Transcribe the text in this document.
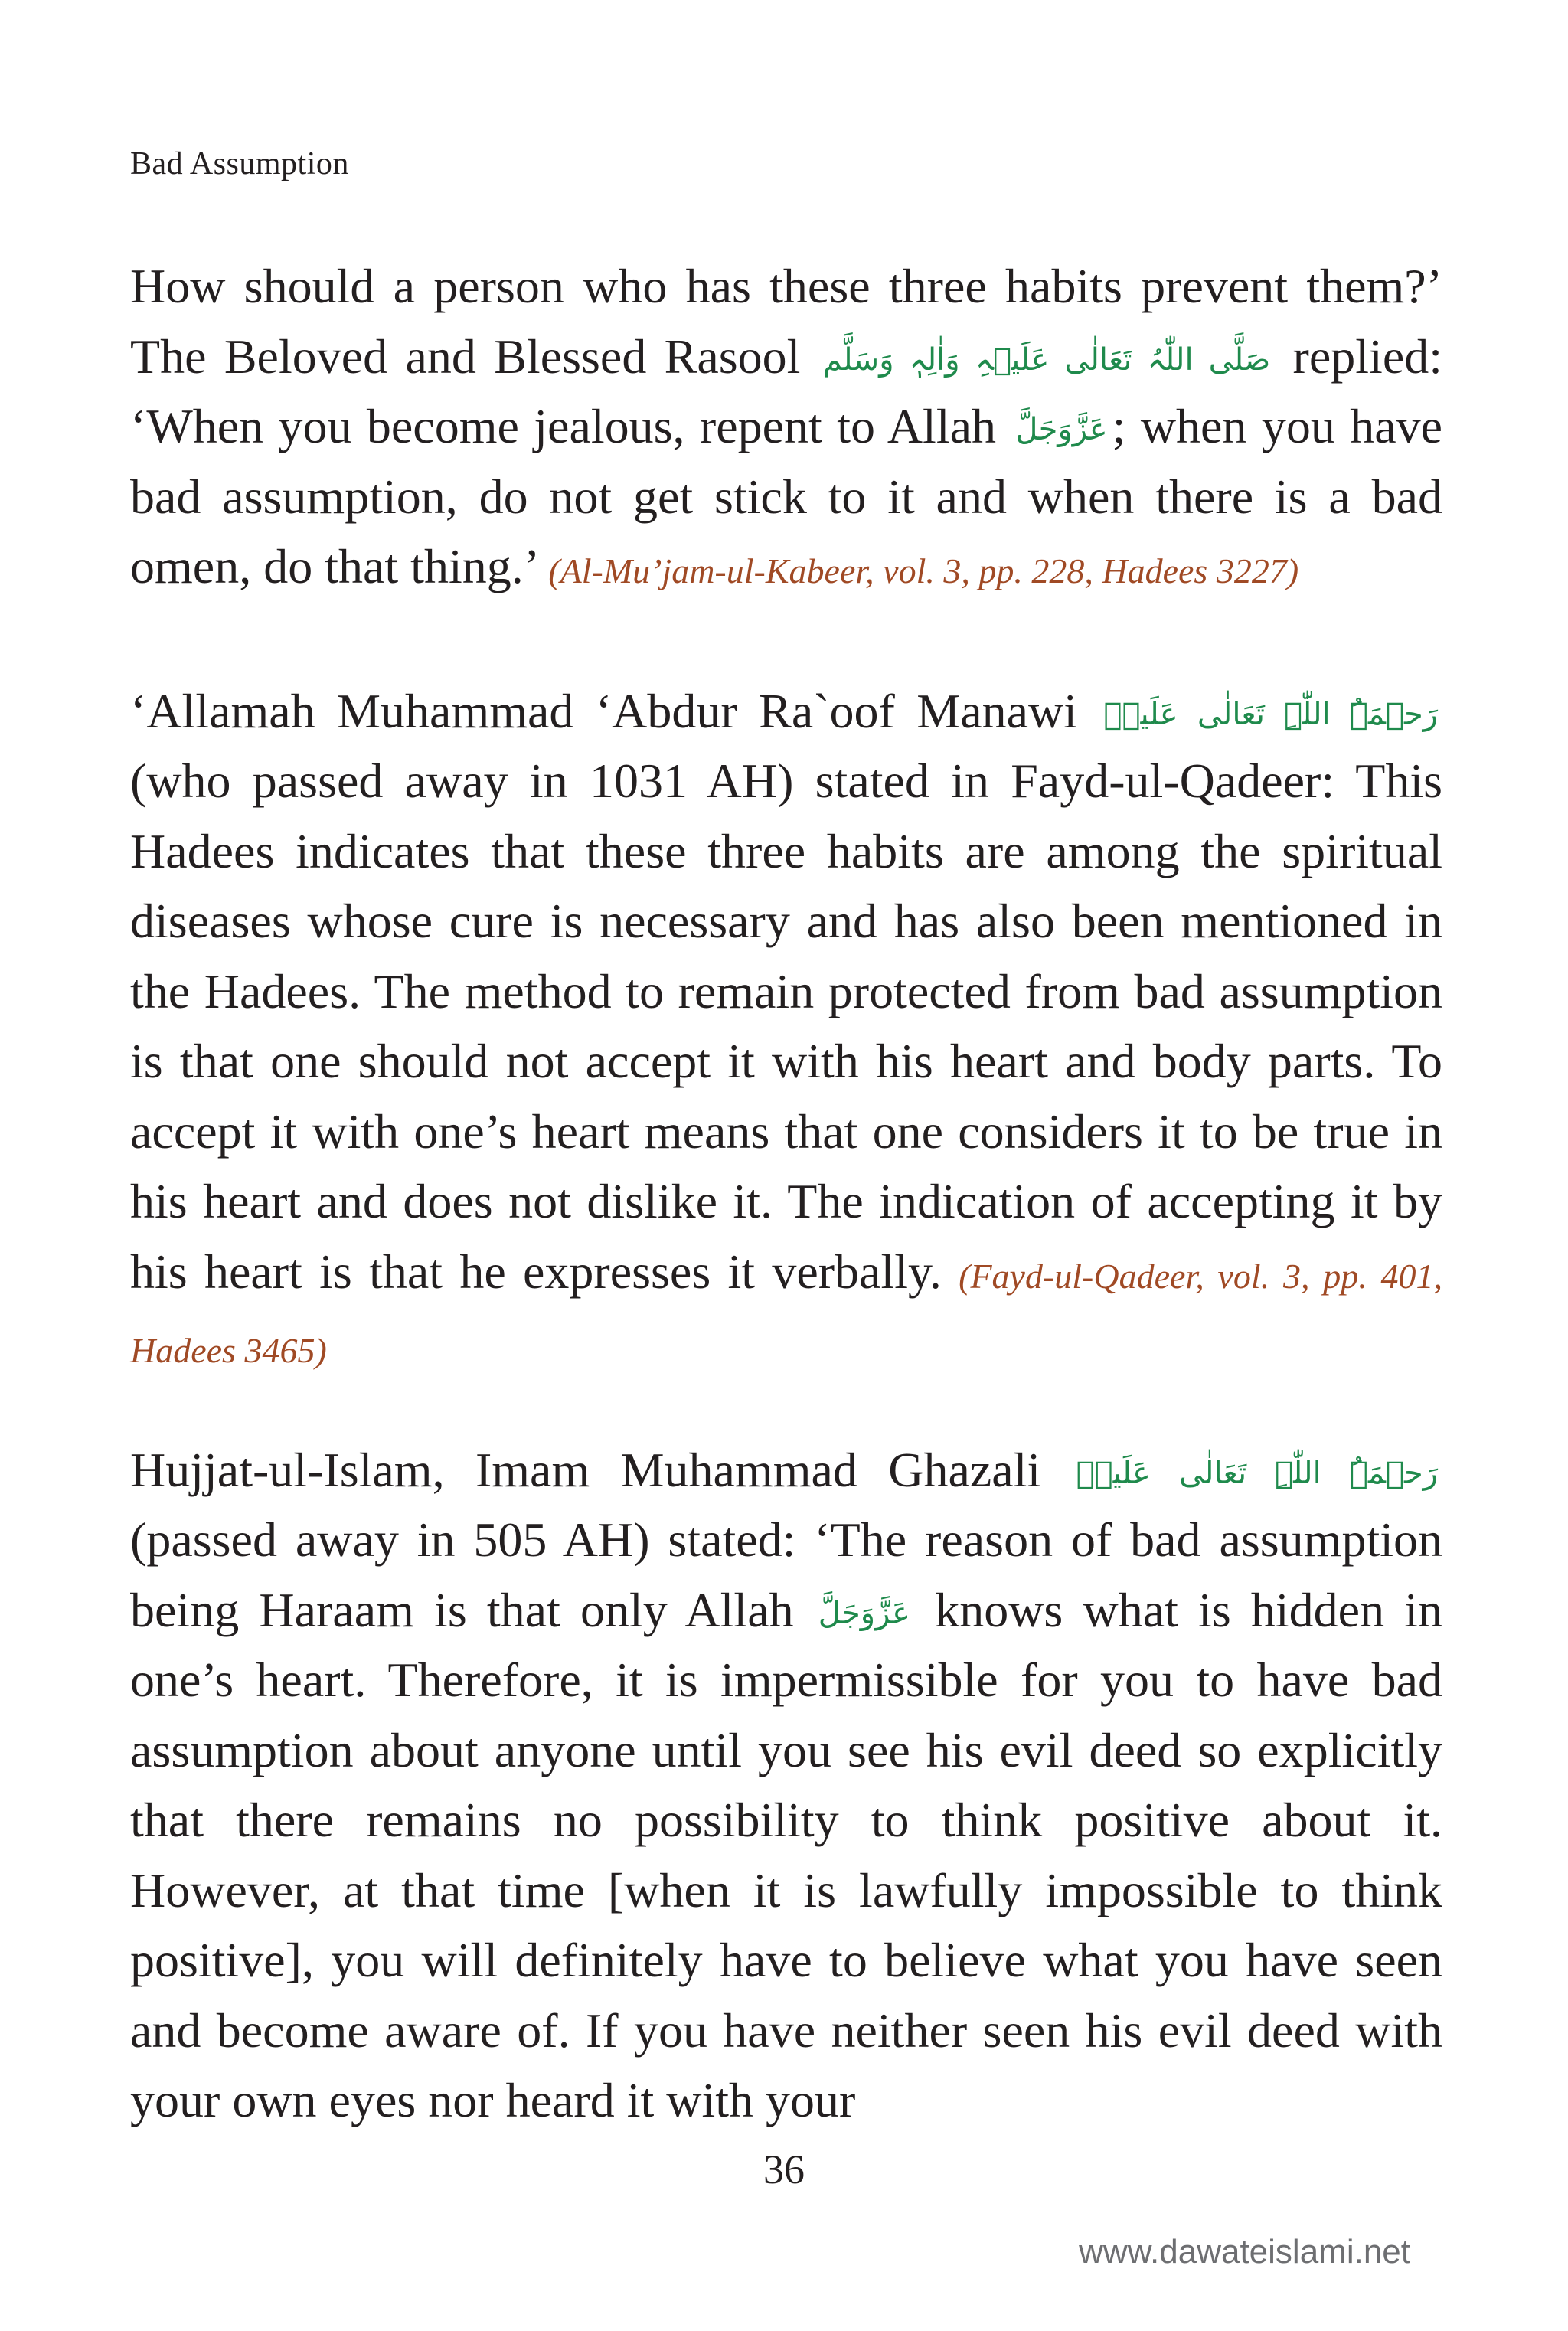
Bad Assumption

How should a person who has these three habits prevent them?’ The Beloved and Blessed Rasool صَلَّی اللّٰہُ تَعَالٰی عَلَیۡہِ وَاٰلِہٖ وَسَلَّم replied: ‘When you become jealous, repent to Allah عَزَّوَجَلَّ; when you have bad assumption, do not get stick to it and when there is a bad omen, do that thing.’ (Al-Mu’jam-ul-Kabeer, vol. 3, pp. 228, Hadees 3227)

‘Allamah Muhammad ‘Abdur Ra`oof Manawi رَحۡمَۃُ اللّٰہِ تَعَالٰی عَلَیۡہ (who passed away in 1031 AH) stated in Fayd-ul-Qadeer: This Hadees indicates that these three habits are among the spiritual diseases whose cure is necessary and has also been mentioned in the Hadees. The method to remain protected from bad assumption is that one should not accept it with his heart and body parts. To accept it with one’s heart means that one considers it to be true in his heart and does not dislike it. The indication of accepting it by his heart is that he expresses it verbally. (Fayd-ul-Qadeer, vol. 3, pp. 401, Hadees 3465)

Hujjat-ul-Islam, Imam Muhammad Ghazali رَحۡمَۃُ اللّٰہِ تَعَالٰی عَلَیۡہ (passed away in 505 AH) stated: ‘The reason of bad assumption being Haraam is that only Allah عَزَّوَجَلَّ knows what is hidden in one’s heart. Therefore, it is impermissible for you to have bad assumption about anyone until you see his evil deed so explicitly that there remains no possibility to think positive about it. However, at that time [when it is lawfully impossible to think positive], you will definitely have to believe what you have seen and become aware of. If you have neither seen his evil deed with your own eyes nor heard it with your

36
www.dawateislami.net
